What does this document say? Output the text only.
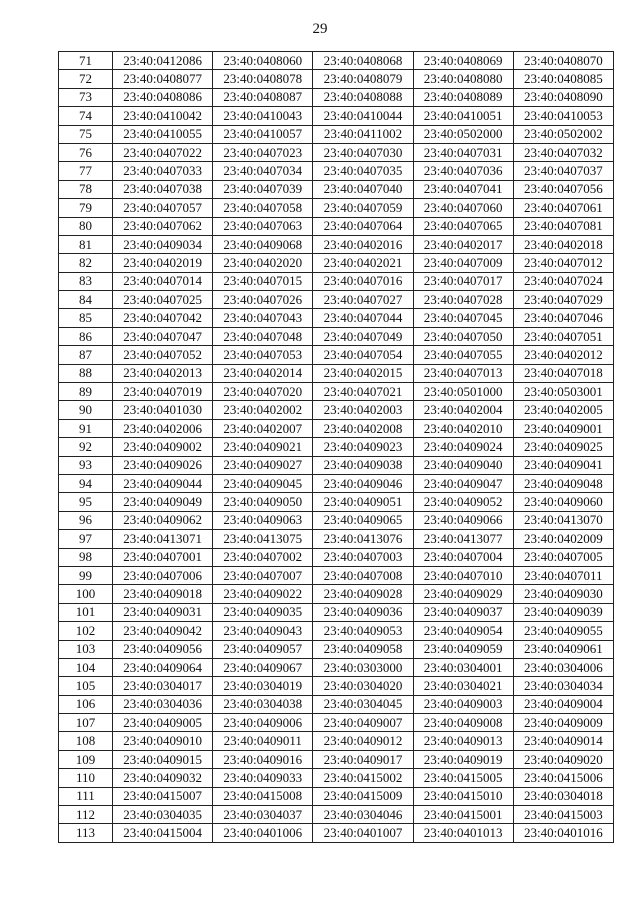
29
71	23:40:0412086	23:40:0408060	23:40:0408068	23:40:0408069	23:40:0408070
72	23:40:0408077	23:40:0408078	23:40:0408079	23:40:0408080	23:40:0408085
73	23:40:0408086	23:40:0408087	23:40:0408088	23:40:0408089	23:40:0408090
74	23:40:0410042	23:40:0410043	23:40:0410044	23:40:0410051	23:40:0410053
75	23:40:0410055	23:40:0410057	23:40:0411002	23:40:0502000	23:40:0502002
76	23:40:0407022	23:40:0407023	23:40:0407030	23:40:0407031	23:40:0407032
77	23:40:0407033	23:40:0407034	23:40:0407035	23:40:0407036	23:40:0407037
78	23:40:0407038	23:40:0407039	23:40:0407040	23:40:0407041	23:40:0407056
79	23:40:0407057	23:40:0407058	23:40:0407059	23:40:0407060	23:40:0407061
80	23:40:0407062	23:40:0407063	23:40:0407064	23:40:0407065	23:40:0407081
81	23:40:0409034	23:40:0409068	23:40:0402016	23:40:0402017	23:40:0402018
82	23:40:0402019	23:40:0402020	23:40:0402021	23:40:0407009	23:40:0407012
83	23:40:0407014	23:40:0407015	23:40:0407016	23:40:0407017	23:40:0407024
84	23:40:0407025	23:40:0407026	23:40:0407027	23:40:0407028	23:40:0407029
85	23:40:0407042	23:40:0407043	23:40:0407044	23:40:0407045	23:40:0407046
86	23:40:0407047	23:40:0407048	23:40:0407049	23:40:0407050	23:40:0407051
87	23:40:0407052	23:40:0407053	23:40:0407054	23:40:0407055	23:40:0402012
88	23:40:0402013	23:40:0402014	23:40:0402015	23:40:0407013	23:40:0407018
89	23:40:0407019	23:40:0407020	23:40:0407021	23:40:0501000	23:40:0503001
90	23:40:0401030	23:40:0402002	23:40:0402003	23:40:0402004	23:40:0402005
91	23:40:0402006	23:40:0402007	23:40:0402008	23:40:0402010	23:40:0409001
92	23:40:0409002	23:40:0409021	23:40:0409023	23:40:0409024	23:40:0409025
93	23:40:0409026	23:40:0409027	23:40:0409038	23:40:0409040	23:40:0409041
94	23:40:0409044	23:40:0409045	23:40:0409046	23:40:0409047	23:40:0409048
95	23:40:0409049	23:40:0409050	23:40:0409051	23:40:0409052	23:40:0409060
96	23:40:0409062	23:40:0409063	23:40:0409065	23:40:0409066	23:40:0413070
97	23:40:0413071	23:40:0413075	23:40:0413076	23:40:0413077	23:40:0402009
98	23:40:0407001	23:40:0407002	23:40:0407003	23:40:0407004	23:40:0407005
99	23:40:0407006	23:40:0407007	23:40:0407008	23:40:0407010	23:40:0407011
100	23:40:0409018	23:40:0409022	23:40:0409028	23:40:0409029	23:40:0409030
101	23:40:0409031	23:40:0409035	23:40:0409036	23:40:0409037	23:40:0409039
102	23:40:0409042	23:40:0409043	23:40:0409053	23:40:0409054	23:40:0409055
103	23:40:0409056	23:40:0409057	23:40:0409058	23:40:0409059	23:40:0409061
104	23:40:0409064	23:40:0409067	23:40:0303000	23:40:0304001	23:40:0304006
105	23:40:0304017	23:40:0304019	23:40:0304020	23:40:0304021	23:40:0304034
106	23:40:0304036	23:40:0304038	23:40:0304045	23:40:0409003	23:40:0409004
107	23:40:0409005	23:40:0409006	23:40:0409007	23:40:0409008	23:40:0409009
108	23:40:0409010	23:40:0409011	23:40:0409012	23:40:0409013	23:40:0409014
109	23:40:0409015	23:40:0409016	23:40:0409017	23:40:0409019	23:40:0409020
110	23:40:0409032	23:40:0409033	23:40:0415002	23:40:0415005	23:40:0415006
111	23:40:0415007	23:40:0415008	23:40:0415009	23:40:0415010	23:40:0304018
112	23:40:0304035	23:40:0304037	23:40:0304046	23:40:0415001	23:40:0415003
113	23:40:0415004	23:40:0401006	23:40:0401007	23:40:0401013	23:40:0401016
